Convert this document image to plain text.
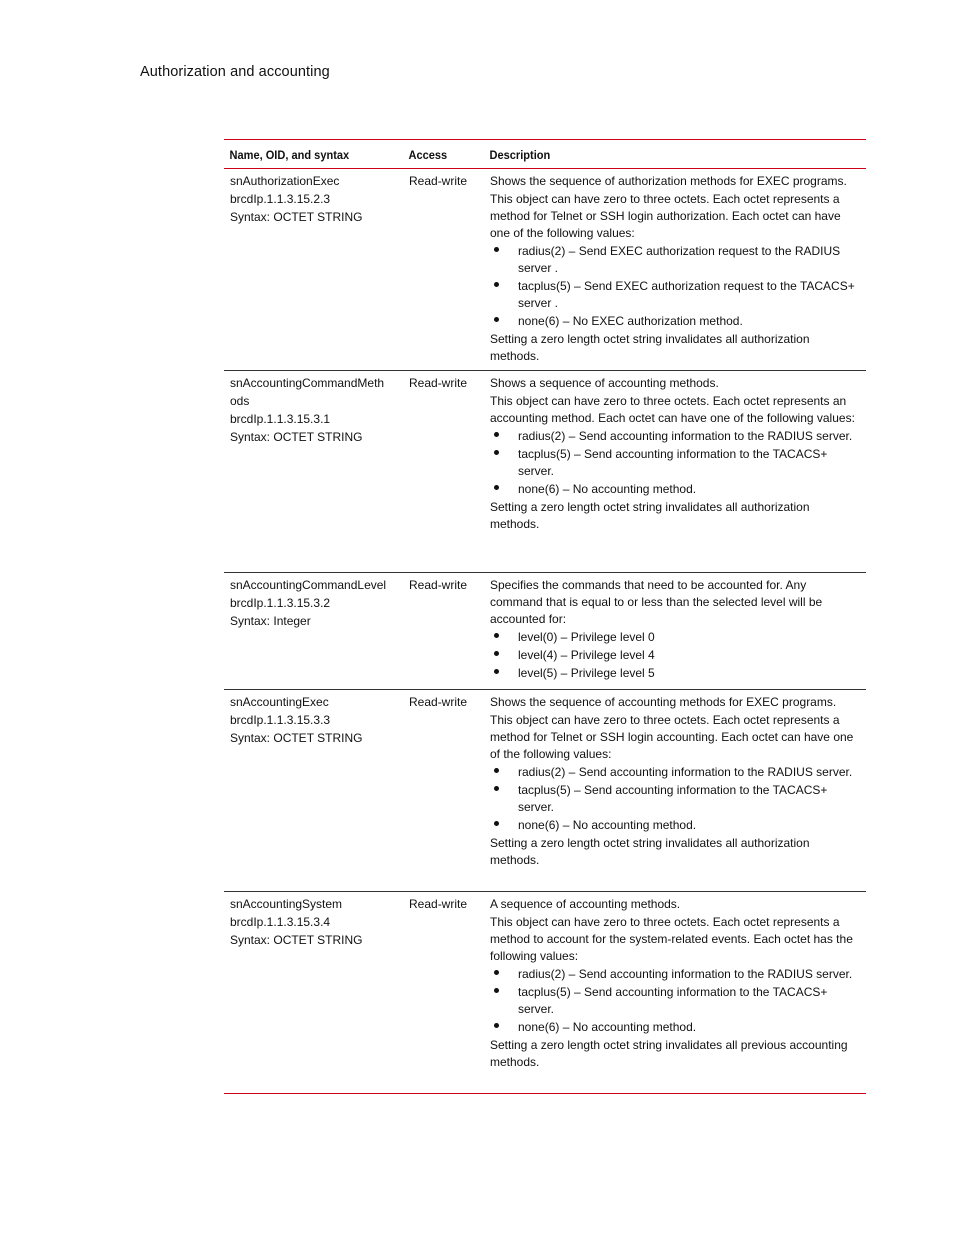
Authorization and accounting
Name, OID, and syntax	Access	Description
snAuthorizationExec
brcdIp.1.1.3.15.2.3
Syntax: OCTET STRING
Read-write	Shows the sequence of authorization methods for EXEC programs.

This object can have zero to three octets. Each octet represents a method for Telnet or SSH login authorization. Each octet can have one of the following values:

radius(2) – Send EXEC authorization request to the RADIUS server .
tacplus(5) – Send EXEC authorization request to the TACACS+ server .
none(6) – No EXEC authorization method.

Setting a zero length octet string invalidates all authorization methods.

snAccountingCommandMeth
ods
brcdIp.1.1.3.15.3.1
Syntax: OCTET STRING
Read-write	Shows a sequence of accounting methods.

This object can have zero to three octets. Each octet represents an accounting method. Each octet can have one of the following values:

radius(2) – Send accounting information to the RADIUS server.
tacplus(5) – Send accounting information to the TACACS+ server.
none(6) – No accounting method.

Setting a zero length octet string invalidates all authorization methods.

snAccountingCommandLevel
brcdIp.1.1.3.15.3.2
Syntax: Integer
Read-write	Specifies the commands that need to be accounted for. Any command that is equal to or less than the selected level will be accounted for:

level(0) – Privilege level 0
level(4) – Privilege level 4
level(5) – Privilege level 5
snAccountingExec
brcdIp.1.1.3.15.3.3
Syntax: OCTET STRING
Read-write	Shows the sequence of accounting methods for EXEC programs.

This object can have zero to three octets. Each octet represents a method for Telnet or SSH login accounting. Each octet can have one of the following values:

radius(2) – Send accounting information to the RADIUS server.
tacplus(5) – Send accounting information to the TACACS+ server.
none(6) – No accounting method.

Setting a zero length octet string invalidates all authorization methods.

snAccountingSystem
brcdIp.1.1.3.15.3.4
Syntax: OCTET STRING
Read-write	A sequence of accounting methods.

This object can have zero to three octets. Each octet represents a method to account for the system-related events. Each octet has the following values:

radius(2) – Send accounting information to the RADIUS server.
tacplus(5) – Send accounting information to the TACACS+ server.
none(6) – No accounting method.

Setting a zero length octet string invalidates all previous accounting methods.
